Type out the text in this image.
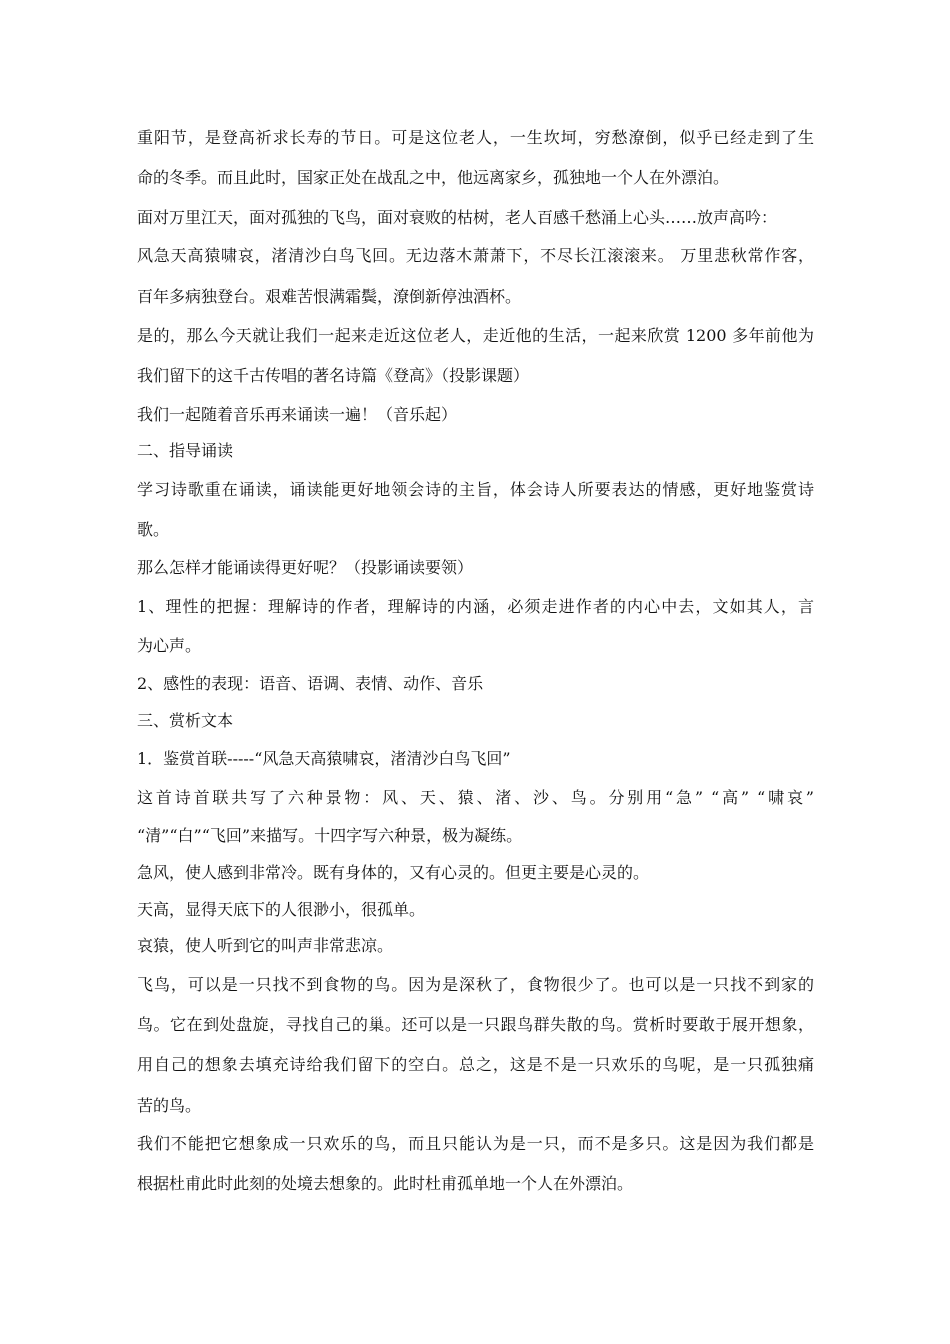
重阳节，是登高祈求长寿的节日。可是这位老人，一生坎坷，穷愁潦倒，似乎已经走到了生
命的冬季。而且此时，国家正处在战乱之中，他远离家乡，孤独地一个人在外漂泊。
面对万里江天，面对孤独的飞鸟，面对衰败的枯树，老人百感千愁涌上心头……放声高吟：
风急天高猿啸哀，渚清沙白鸟飞回。无边落木萧萧下，不尽长江滚滚来。 万里悲秋常作客，
百年多病独登台。艰难苦恨满霜鬓，潦倒新停浊酒杯。
是的，那么今天就让我们一起来走近这位老人，走近他的生活，一起来欣赏 1200 多年前他为
我们留下的这千古传唱的著名诗篇《登高》（投影课题）
我们一起随着音乐再来诵读一遍！（音乐起）
二、指导诵读
学习诗歌重在诵读，诵读能更好地领会诗的主旨，体会诗人所要表达的情感，更好地鉴赏诗
歌。
那么怎样才能诵读得更好呢？（投影诵读要领）
1、理性的把握：理解诗的作者，理解诗的内涵，必须走进作者的内心中去，文如其人，言
为心声。
2、感性的表现：语音、语调、表情、动作、音乐
三、赏析文本
1．鉴赏首联-----“风急天高猿啸哀，渚清沙白鸟飞回”
这首诗首联共写了六种景物：风、天、猿、渚、沙、鸟。分别用“急” “高” “啸哀”
“清”“白”“飞回”来描写。十四字写六种景，极为凝练。
急风，使人感到非常冷。既有身体的，又有心灵的。但更主要是心灵的。
天高，显得天底下的人很渺小，很孤单。
哀猿，使人听到它的叫声非常悲凉。
飞鸟，可以是一只找不到食物的鸟。因为是深秋了，食物很少了。也可以是一只找不到家的
鸟。它在到处盘旋，寻找自己的巢。还可以是一只跟鸟群失散的鸟。赏析时要敢于展开想象，
用自己的想象去填充诗给我们留下的空白。总之，这是不是一只欢乐的鸟呢，是一只孤独痛
苦的鸟。
我们不能把它想象成一只欢乐的鸟，而且只能认为是一只，而不是多只。这是因为我们都是
根据杜甫此时此刻的处境去想象的。此时杜甫孤单地一个人在外漂泊。
